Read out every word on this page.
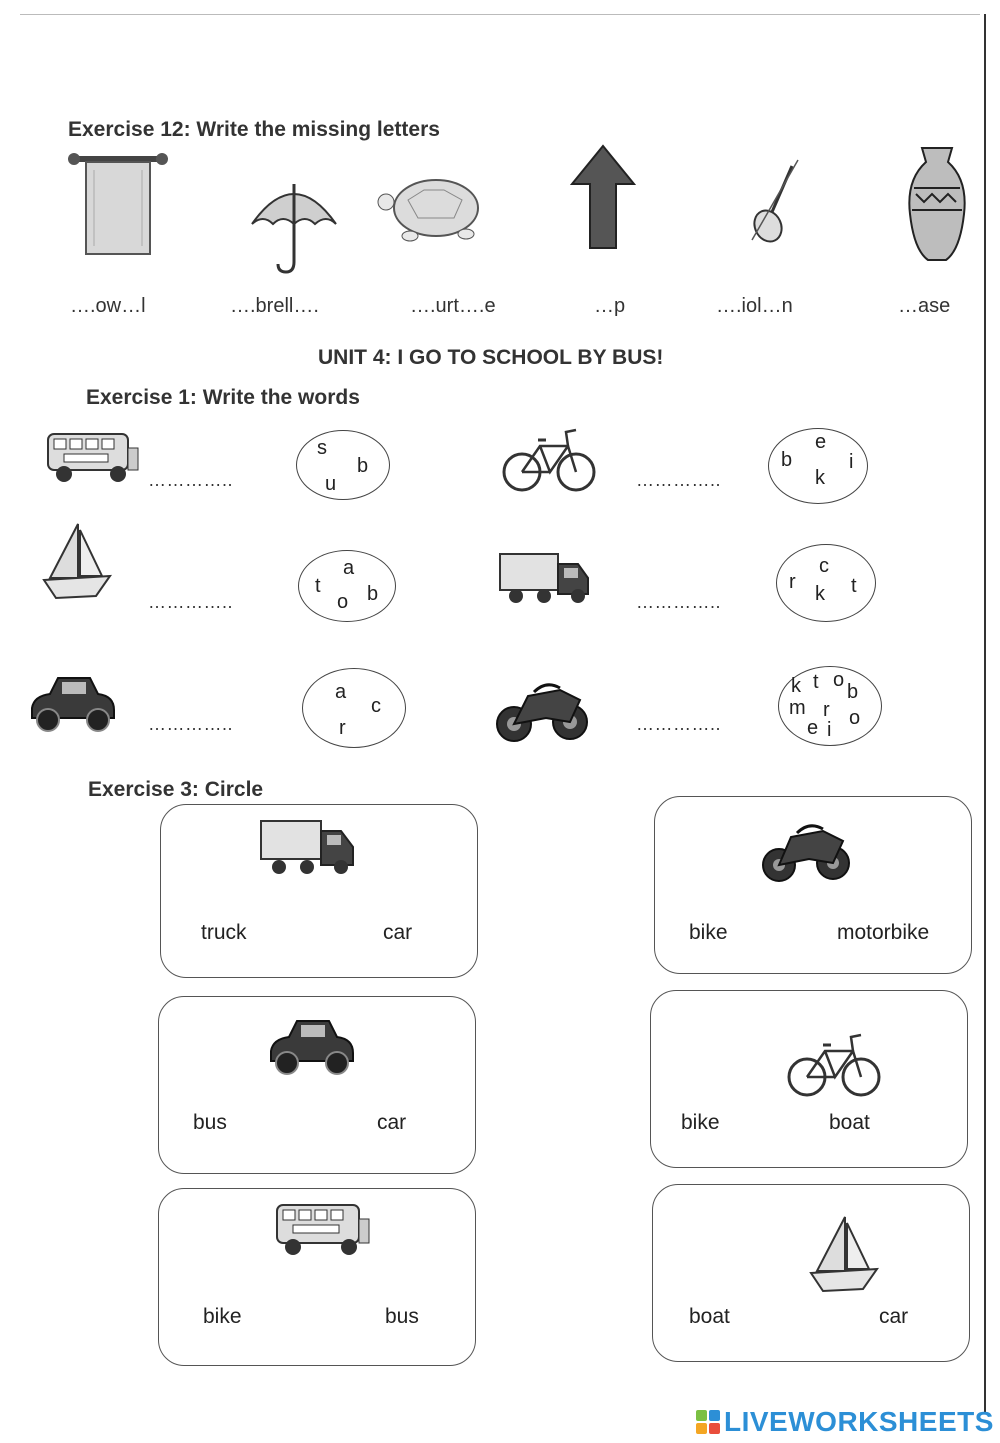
Exercise 12: Write the missing letters
….ow…l	….brell….	….urt….e	…p	….iol…n	…ase
UNIT 4: I GO TO SCHOOL BY BUS!
Exercise 1: Write the words
…………..
s
b
u	…………..
e
b	i
k
…………..
a
t
o b	…………..
c
r
k t
…………..
a
c
r	…………..
k t o
b
m r o
e i
Exercise 3: Circle
truck	car	bike	motorbike
bus	car	bike	boat
bike	bus	boat	car
LIVEWORKSHEETS
